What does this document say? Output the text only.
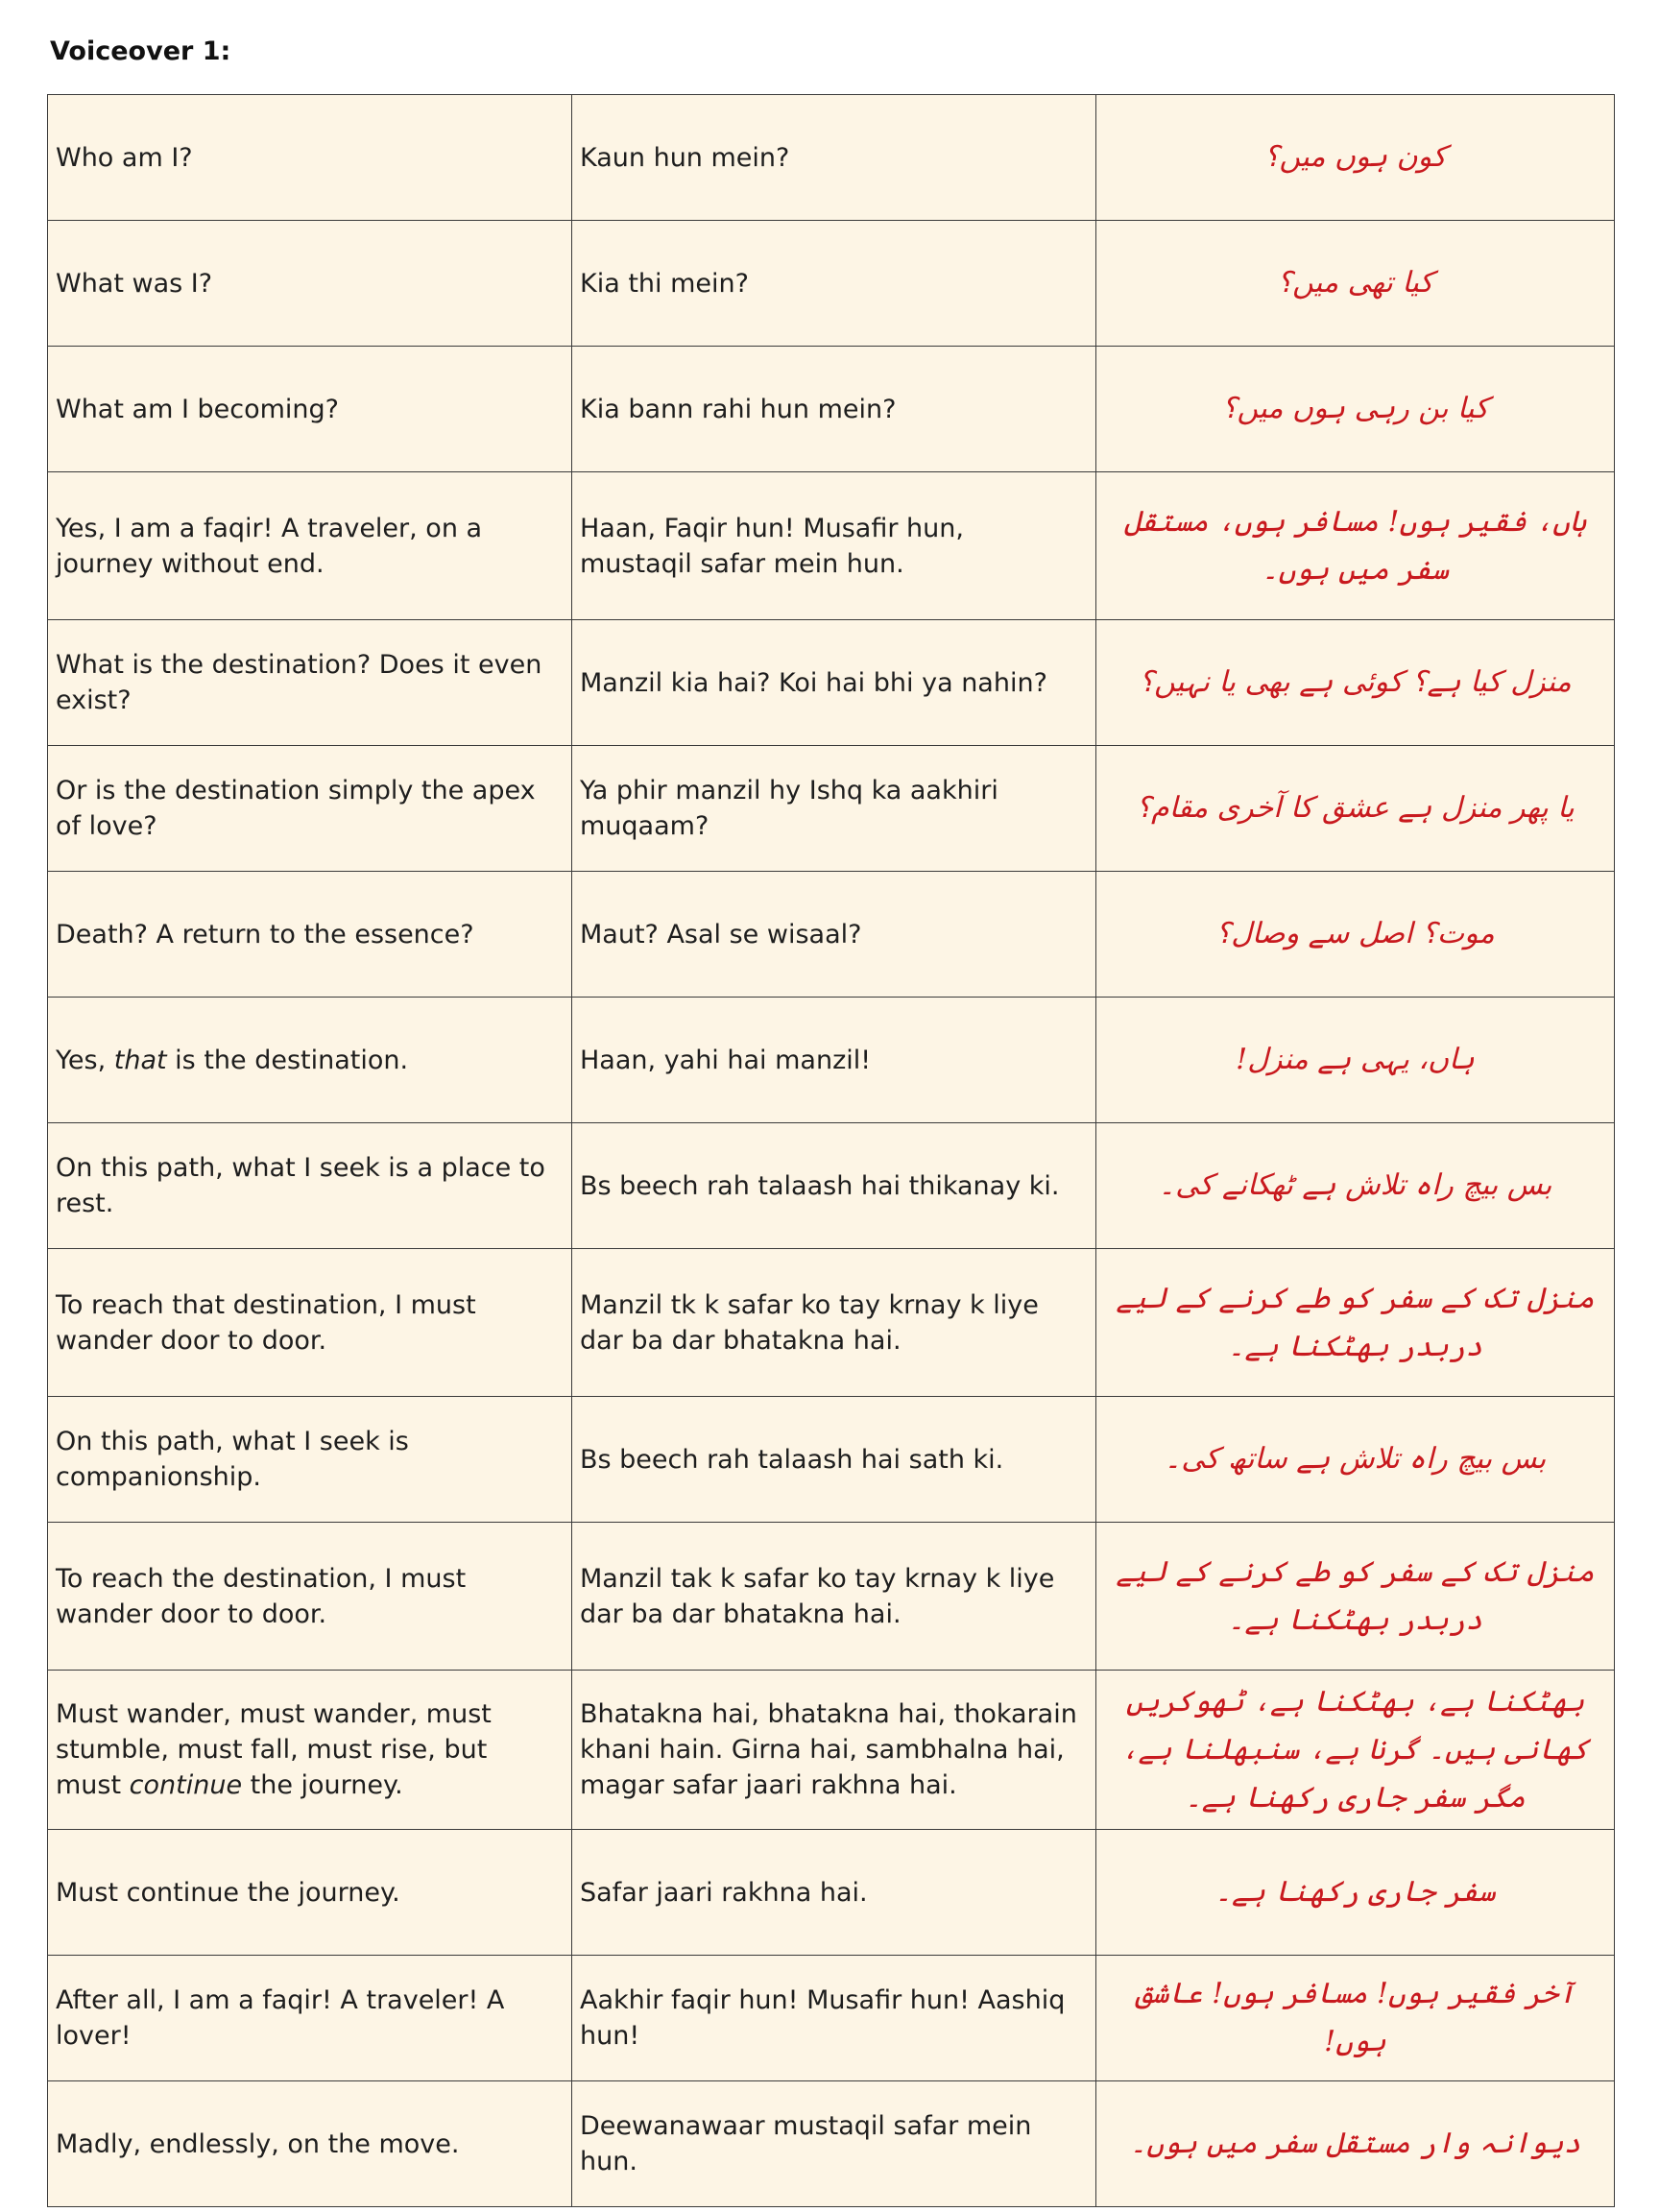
Voiceover 1:
Who am I?	Kaun hun mein?	کون ہوں میں؟
What was I?	Kia thi mein?	کیا تھی میں؟
What am I becoming?	Kia bann rahi hun mein?	کیا بن رہی ہوں میں؟
Yes, I am a faqir! A traveler, on a journey without end.	Haan, Faqir hun! Musafir hun, mustaqil safar mein hun.	ہاں، فقیر ہوں! مسافر ہوں، مستقل سفر میں ہوں۔
What is the destination? Does it even exist?	Manzil kia hai? Koi hai bhi ya nahin?	منزل کیا ہے؟ کوئی ہے بھی یا نہیں؟
Or is the destination simply the apex of love?	Ya phir manzil hy Ishq ka aakhiri muqaam?	یا پھر منزل ہے عشق کا آخری مقام؟
Death? A return to the essence?	Maut? Asal se wisaal?	موت؟ اصل سے وصال؟
Yes, that is the destination.	Haan, yahi hai manzil!	ہاں، یہی ہے منزل!
On this path, what I seek is a place to rest.	Bs beech rah talaash hai thikanay ki.	بس بیچ راہ تلاش ہے ٹھکانے کی۔
To reach that destination, I must wander door to door.	Manzil tk k safar ko tay krnay k liye dar ba dar bhatakna hai.	منزل تک کے سفر کو طے کرنے کے لیے دربدر بھٹکنا ہے۔
On this path, what I seek is companionship.	Bs beech rah talaash hai sath ki.	بس بیچ راہ تلاش ہے ساتھ کی۔
To reach the destination, I must wander door to door.	Manzil tak k safar ko tay krnay k liye dar ba dar bhatakna hai.	منزل تک کے سفر کو طے کرنے کے لیے دربدر بھٹکنا ہے۔
Must wander, must wander, must stumble, must fall, must rise, but must continue the journey.	Bhatakna hai, bhatakna hai, thokarain khani hain. Girna hai, sambhalna hai, magar safar jaari rakhna hai.	بھٹکنا ہے، بھٹکنا ہے، ٹھوکریں کھانی ہیں۔ گرنا ہے، سنبھلنا ہے، مگر سفر جاری رکھنا ہے۔
Must continue the journey.	Safar jaari rakhna hai.	سفر جاری رکھنا ہے۔
After all, I am a faqir! A traveler! A lover!	Aakhir faqir hun! Musafir hun! Aashiq hun!	آخر فقیر ہوں! مسافر ہوں! عاشق ہوں!
Madly, endlessly, on the move.	Deewanawaar mustaqil safar mein hun.	دیوانہ وار مستقل سفر میں ہوں۔
